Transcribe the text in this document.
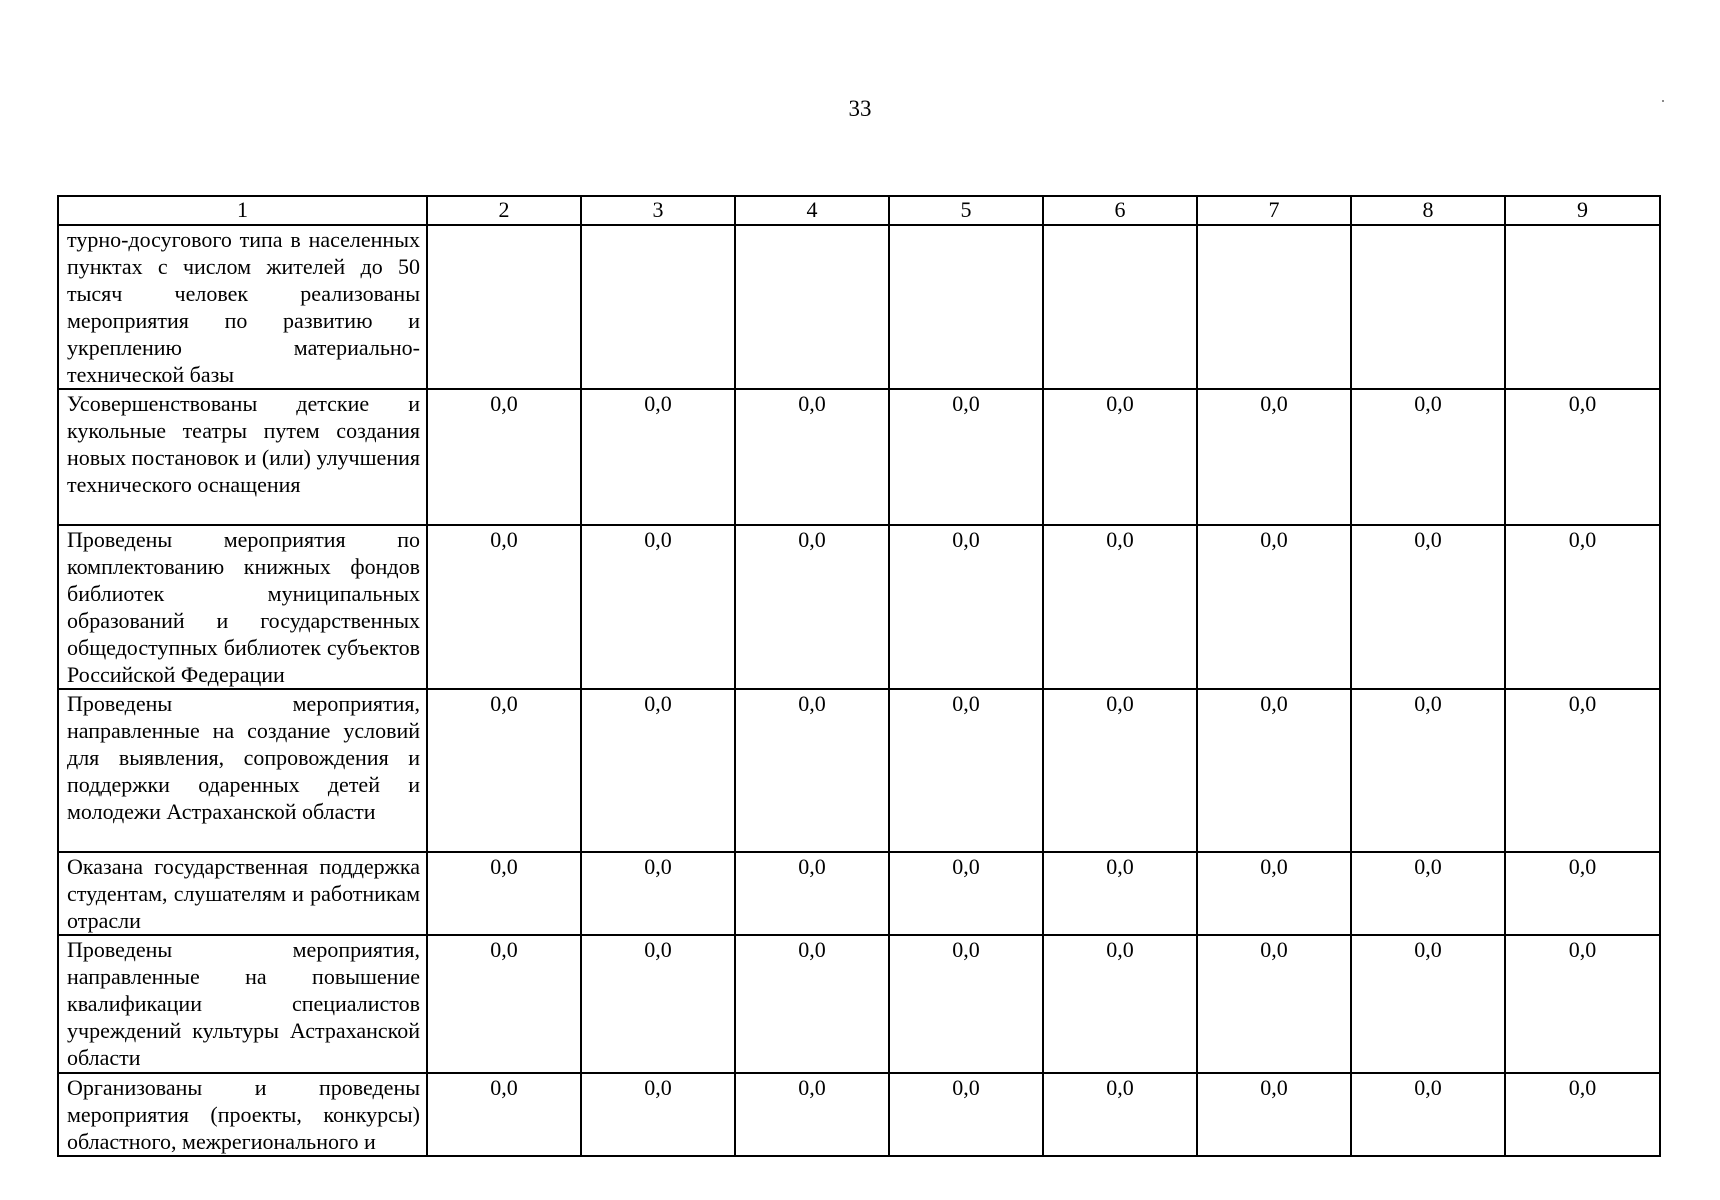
33
1	2	3	4	5	6	7	8	9
турно-досугового типа в населенных пунктах с числом жителей до 50 тысяч человек реализованы мероприятия по развитию и укреплению материально-технической базы								
Усовершенствованы детские и кукольные театры путем создания новых постановок и (или) улучшения технического оснащения	0,0	0,0	0,0	0,0	0,0	0,0	0,0	0,0
Проведены мероприятия по комплектованию книжных фондов библиотек муниципальных образований и государственных общедоступных библиотек субъектов Российской Федерации	0,0	0,0	0,0	0,0	0,0	0,0	0,0	0,0
Проведены мероприятия, направленные на создание условий для выявления, сопровождения и поддержки одаренных детей и молодежи Астраханской области	0,0	0,0	0,0	0,0	0,0	0,0	0,0	0,0
Оказана государственная поддержка студентам, слушателям и работникам отрасли	0,0	0,0	0,0	0,0	0,0	0,0	0,0	0,0
Проведены мероприятия, направленные на повышение квалификации специалистов учреждений культуры Астраханской области	0,0	0,0	0,0	0,0	0,0	0,0	0,0	0,0
Организованы и проведены мероприятия (проекты, конкурсы) областного, межрегионального и	0,0	0,0	0,0	0,0	0,0	0,0	0,0	0,0
